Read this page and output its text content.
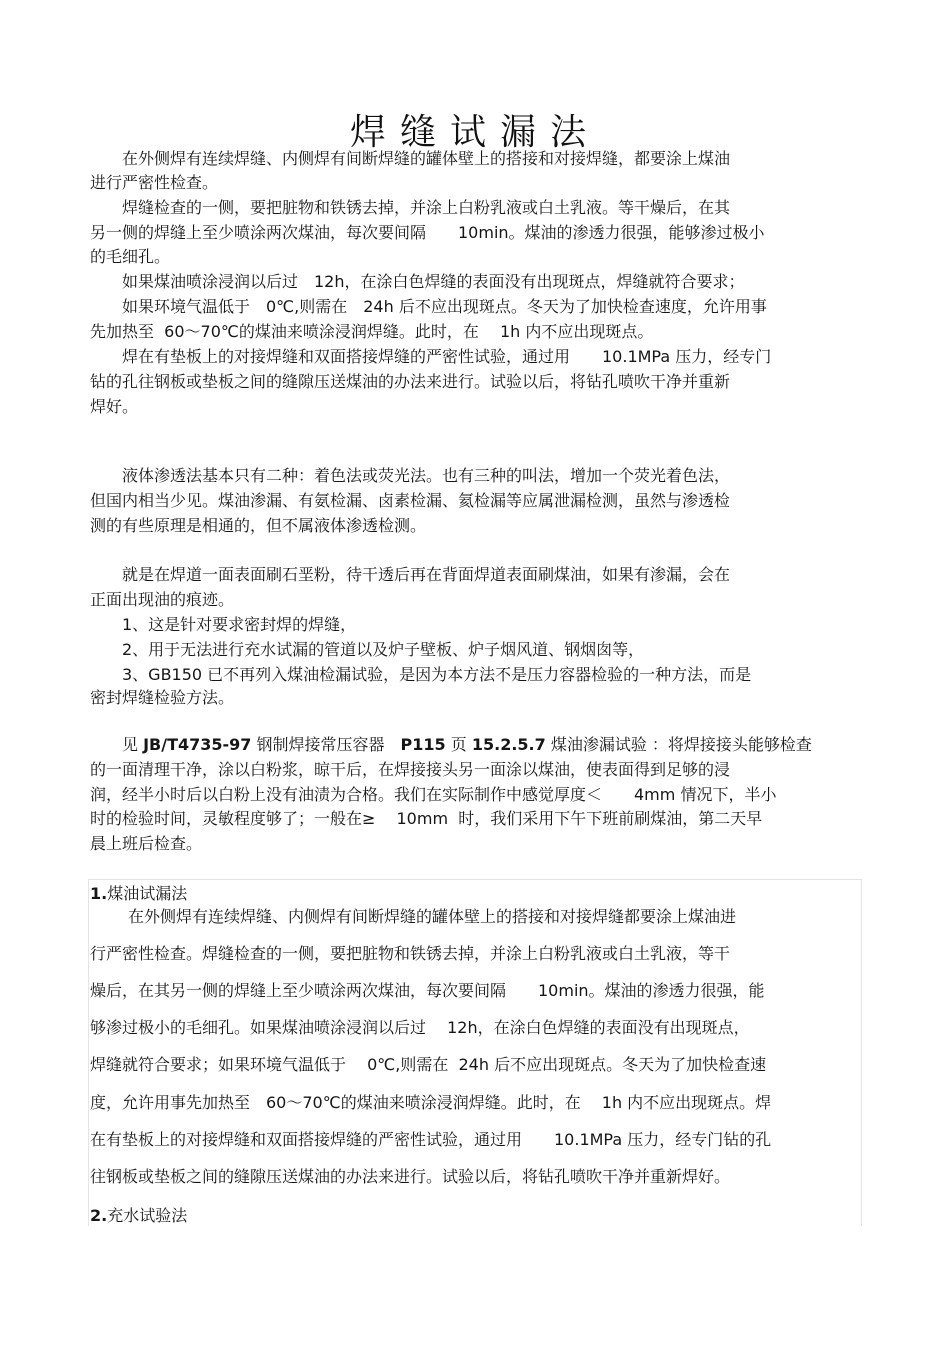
焊缝试漏法
在外侧焊有连续焊缝、内侧焊有间断焊缝的罐体壁上的搭接和对接焊缝，都要涂上煤油
进行严密性检查。
焊缝检查的一侧，要把脏物和铁锈去掉，并涂上白粉乳液或白土乳液。等干燥后，在其
另一侧的焊缝上至少喷涂两次煤油，每次要间隔　　10min。煤油的渗透力很强，能够渗过极小
的毛细孔。
如果煤油喷涂浸润以后过　12h，在涂白色焊缝的表面没有出现斑点，焊缝就符合要求；
如果环境气温低于　0℃,则需在　24h 后不应出现斑点。冬天为了加快检查速度，允许用事
先加热至  60～70℃的煤油来喷涂浸润焊缝。此时，在　 1h 内不应出现斑点。
焊在有垫板上的对接焊缝和双面搭接焊缝的严密性试验，通过用　　10.1MPa 压力，经专门
钻的孔往钢板或垫板之间的缝隙压送煤油的办法来进行。试验以后，将钻孔喷吹干净并重新
焊好。
液体渗透法基本只有二种：着色法或荧光法。也有三种的叫法，增加一个荧光着色法，
但国内相当少见。煤油渗漏、有氨检漏、卤素检漏、氦检漏等应属泄漏检测，虽然与渗透检
测的有些原理是相通的，但不属液体渗透检测。
就是在焊道一面表面刷石垩粉，待干透后再在背面焊道表面刷煤油，如果有渗漏，会在
正面出现油的痕迹。
1、这是针对要求密封焊的焊缝，
2、用于无法进行充水试漏的管道以及炉子壁板、炉子烟风道、钢烟囱等，
3、GB150 已不再列入煤油检漏试验，是因为本方法不是压力容器检验的一种方法，而是
密封焊缝检验方法。
见 JB/T4735-97 钢制焊接常压容器　P115 页 15.2.5.7 煤油渗漏试验 ：将焊接接头能够检查
的一面清理干净，涂以白粉浆，晾干后，在焊接接头另一面涂以煤油，使表面得到足够的浸
润，经半小时后以白粉上没有油渍为合格。我们在实际制作中感觉厚度＜　　4mm 情况下，半小
时的检验时间，灵敏程度够了；一般在≥　 10mm  时，我们采用下午下班前刷煤油，第二天早
晨上班后检查。
1.煤油试漏法
在外侧焊有连续焊缝、内侧焊有间断焊缝的罐体壁上的搭接和对接焊缝都要涂上煤油进
行严密性检查。焊缝检查的一侧，要把脏物和铁锈去掉，并涂上白粉乳液或白土乳液，等干
燥后，在其另一侧的焊缝上至少喷涂两次煤油，每次要间隔　　10min。煤油的渗透力很强，能
够渗过极小的毛细孔。如果煤油喷涂浸润以后过　 12h，在涂白色焊缝的表面没有出现斑点，
焊缝就符合要求；如果环境气温低于　 0℃,则需在  24h 后不应出现斑点。冬天为了加快检查速
度，允许用事先加热至　60～70℃的煤油来喷涂浸润焊缝。此时，在　 1h 内不应出现斑点。焊
在有垫板上的对接焊缝和双面搭接焊缝的严密性试验，通过用　　10.1MPa 压力，经专门钻的孔
往钢板或垫板之间的缝隙压送煤油的办法来进行。试验以后，将钻孔喷吹干净并重新焊好。
2.充水试验法
